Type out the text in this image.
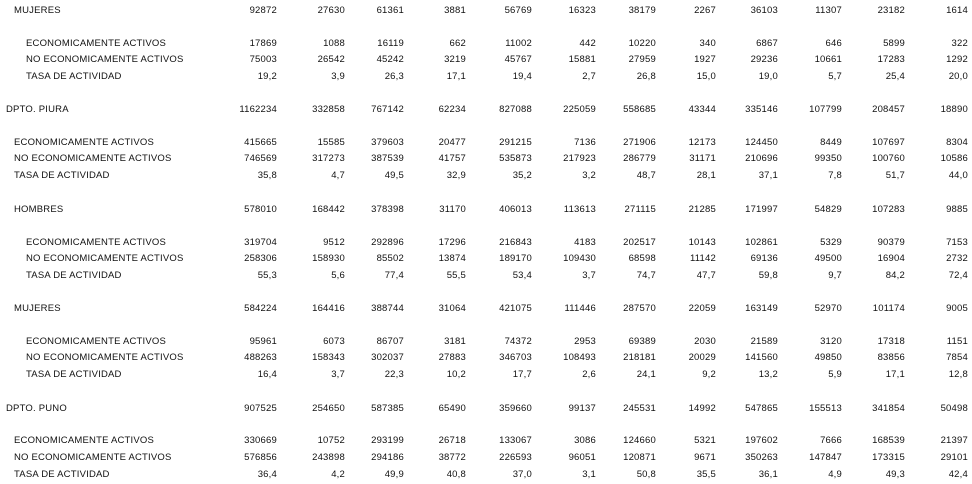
MUJERES	92872	27630	61361	3881	56769	16323	38179	2267	36103	11307	23182	1614
ECONOMICAMENTE ACTIVOS	17869	1088	16119	662	11002	442	10220	340	6867	646	5899	322
NO ECONOMICAMENTE ACTIVOS	75003	26542	45242	3219	45767	15881	27959	1927	29236	10661	17283	1292
TASA DE ACTIVIDAD	19,2	3,9	26,3	17,1	19,4	2,7	26,8	15,0	19,0	5,7	25,4	20,0
DPTO. PIURA	1162234	332858	767142	62234	827088	225059	558685	43344	335146	107799	208457	18890
ECONOMICAMENTE ACTIVOS	415665	15585	379603	20477	291215	7136	271906	12173	124450	8449	107697	8304
NO ECONOMICAMENTE ACTIVOS	746569	317273	387539	41757	535873	217923	286779	31171	210696	99350	100760	10586
TASA DE ACTIVIDAD	35,8	4,7	49,5	32,9	35,2	3,2	48,7	28,1	37,1	7,8	51,7	44,0
HOMBRES	578010	168442	378398	31170	406013	113613	271115	21285	171997	54829	107283	9885
ECONOMICAMENTE ACTIVOS	319704	9512	292896	17296	216843	4183	202517	10143	102861	5329	90379	7153
NO ECONOMICAMENTE ACTIVOS	258306	158930	85502	13874	189170	109430	68598	11142	69136	49500	16904	2732
TASA DE ACTIVIDAD	55,3	5,6	77,4	55,5	53,4	3,7	74,7	47,7	59,8	9,7	84,2	72,4
MUJERES	584224	164416	388744	31064	421075	111446	287570	22059	163149	52970	101174	9005
ECONOMICAMENTE ACTIVOS	95961	6073	86707	3181	74372	2953	69389	2030	21589	3120	17318	1151
NO ECONOMICAMENTE ACTIVOS	488263	158343	302037	27883	346703	108493	218181	20029	141560	49850	83856	7854
TASA DE ACTIVIDAD	16,4	3,7	22,3	10,2	17,7	2,6	24,1	9,2	13,2	5,9	17,1	12,8
DPTO. PUNO	907525	254650	587385	65490	359660	99137	245531	14992	547865	155513	341854	50498
ECONOMICAMENTE ACTIVOS	330669	10752	293199	26718	133067	3086	124660	5321	197602	7666	168539	21397
NO ECONOMICAMENTE ACTIVOS	576856	243898	294186	38772	226593	96051	120871	9671	350263	147847	173315	29101
TASA DE ACTIVIDAD	36,4	4,2	49,9	40,8	37,0	3,1	50,8	35,5	36,1	4,9	49,3	42,4
